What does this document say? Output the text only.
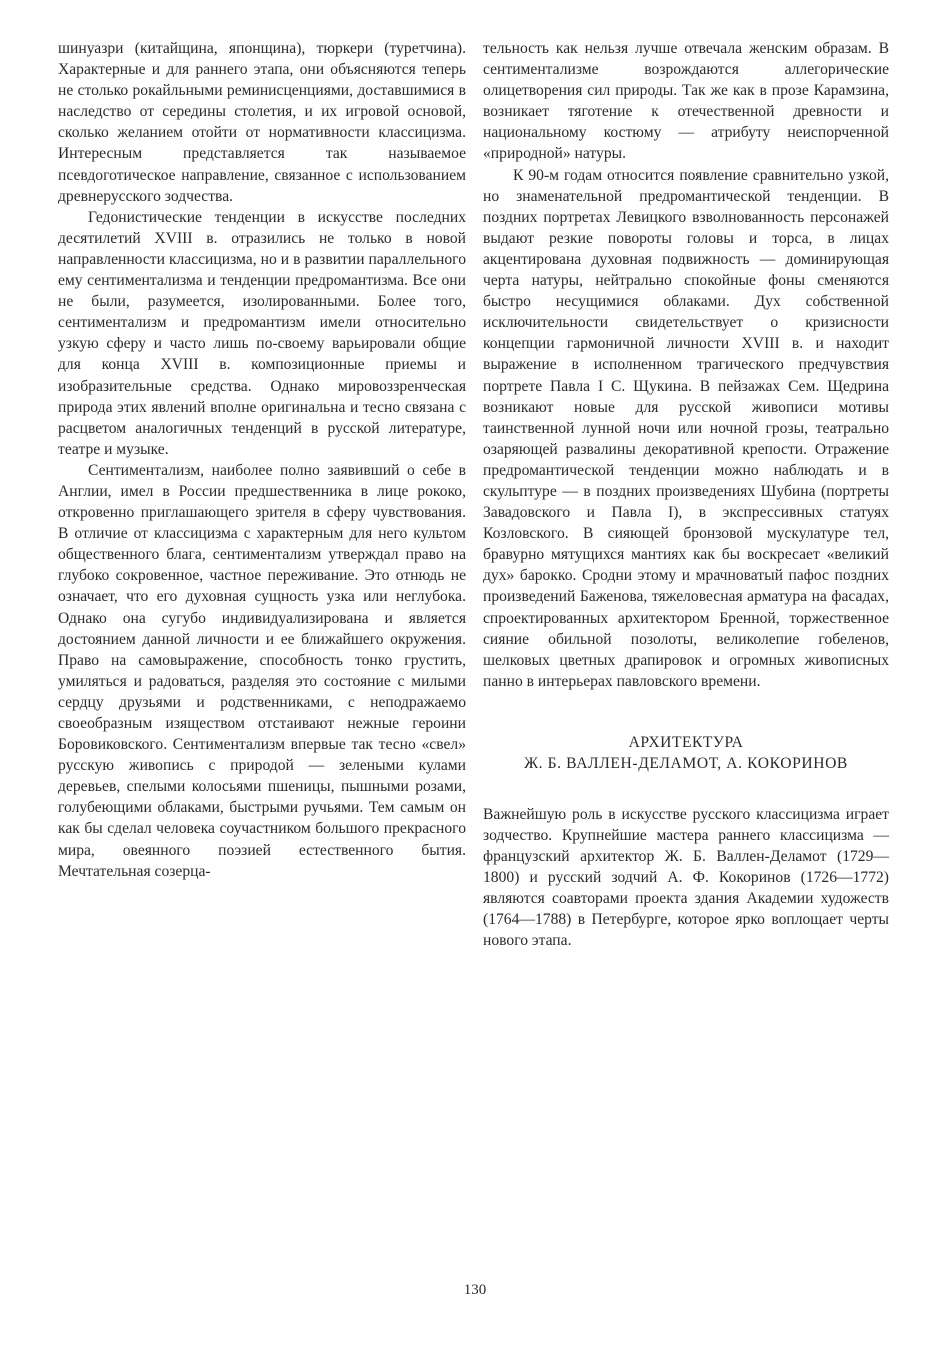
шинуазри (китайщина, японщина), тюркери (туретчина). Характерные и для раннего этапа, они объясняются теперь не столько рокайльными реминисценциями, доставшимися в наследство от середины столетия, и их игровой основой, сколько желанием отойти от нормативности классицизма. Интересным представляется так называемое псевдоготическое направление, связанное с использованием древнерусского зодчества.

Гедонистические тенденции в искусстве последних десятилетий XVIII в. отразились не только в новой направленности классицизма, но и в развитии параллельного ему сентиментализма и тенденции предромантизма. Все они не были, разумеется, изолированными. Более того, сентиментализм и предромантизм имели относительно узкую сферу и часто лишь по-своему варьировали общие для конца XVIII в. композиционные приемы и изобразительные средства. Однако мировоззренческая природа этих явлений вполне оригинальна и тесно связана с расцветом аналогичных тенденций в русской литературе, театре и музыке.

Сентиментализм, наиболее полно заявивший о себе в Англии, имел в России предшественника в лице рококо, откровенно приглашающего зрителя в сферу чувствования. В отличие от классицизма с характерным для него культом общественного блага, сентиментализм утверждал право на глубоко сокровенное, частное переживание. Это отнюдь не означает, что его духовная сущность узка или неглубока. Однако она сугубо индивидуализирована и является достоянием данной личности и ее ближайшего окружения. Право на самовыражение, способность тонко грустить, умиляться и радоваться, разделяя это состояние с милыми сердцу друзьями и родственниками, с неподражаемо своеобразным изяществом отстаивают нежные героини Боровиковского. Сентиментализм впервые так тесно «свел» русскую живопись с природой — зелеными кулами деревьев, спелыми колосьями пшеницы, пышными розами, голубеющими облаками, быстрыми ручьями. Тем самым он как бы сделал человека соучастником большого прекрасного мира, овеянного поэзией естественного бытия. Мечтательная созерца-

тельность как нельзя лучше отвечала женским образам. В сентиментализме возрождаются аллегорические олицетворения сил природы. Так же как в прозе Карамзина, возникает тяготение к отечественной древности и национальному костюму — атрибуту неиспорченной «природной» натуры.

К 90-м годам относится появление сравнительно узкой, но знаменательной предромантической тенденции. В поздних портретах Левицкого взволнованность персонажей выдают резкие повороты головы и торса, в лицах акцентирована духовная подвижность — доминирующая черта натуры, нейтрально спокойные фоны сменяются быстро несущимися облаками. Дух собственной исключительности свидетельствует о кризисности концепции гармоничной личности XVIII в. и находит выражение в исполненном трагического предчувствия портрете Павла I С. Щукина. В пейзажах Сем. Щедрина возникают новые для русской живописи мотивы таинственной лунной ночи или ночной грозы, театрально озаряющей развалины декоративной крепости. Отражение предромантической тенденции можно наблюдать и в скульптуре — в поздних произведениях Шубина (портреты Завадовского и Павла I), в экспрессивных статуях Козловского. В сияющей бронзовой мускулатуре тел, бравурно мятущихся мантиях как бы воскресает «великий дух» барокко. Сродни этому и мрачноватый пафос поздних произведений Баженова, тяжеловесная арматура на фасадах, спроектированных архитектором Бренной, торжественное сияние обильной позолоты, великолепие гобеленов, шелковых цветных драпировок и огромных живописных панно в интерьерах павловского времени.

АРХИТЕКТУРА

Ж. Б. ВАЛЛЕН-ДЕЛАМОТ, А. КОКОРИНОВ

Важнейшую роль в искусстве русского классицизма играет зодчество. Крупнейшие мастера раннего классицизма — французский архитектор Ж. Б. Валлен-Деламот (1729—1800) и русский зодчий А. Ф. Кокоринов (1726—1772) являются соавторами проекта здания Академии художеств (1764—1788) в Петербурге, которое ярко воплощает черты нового этапа.

130
